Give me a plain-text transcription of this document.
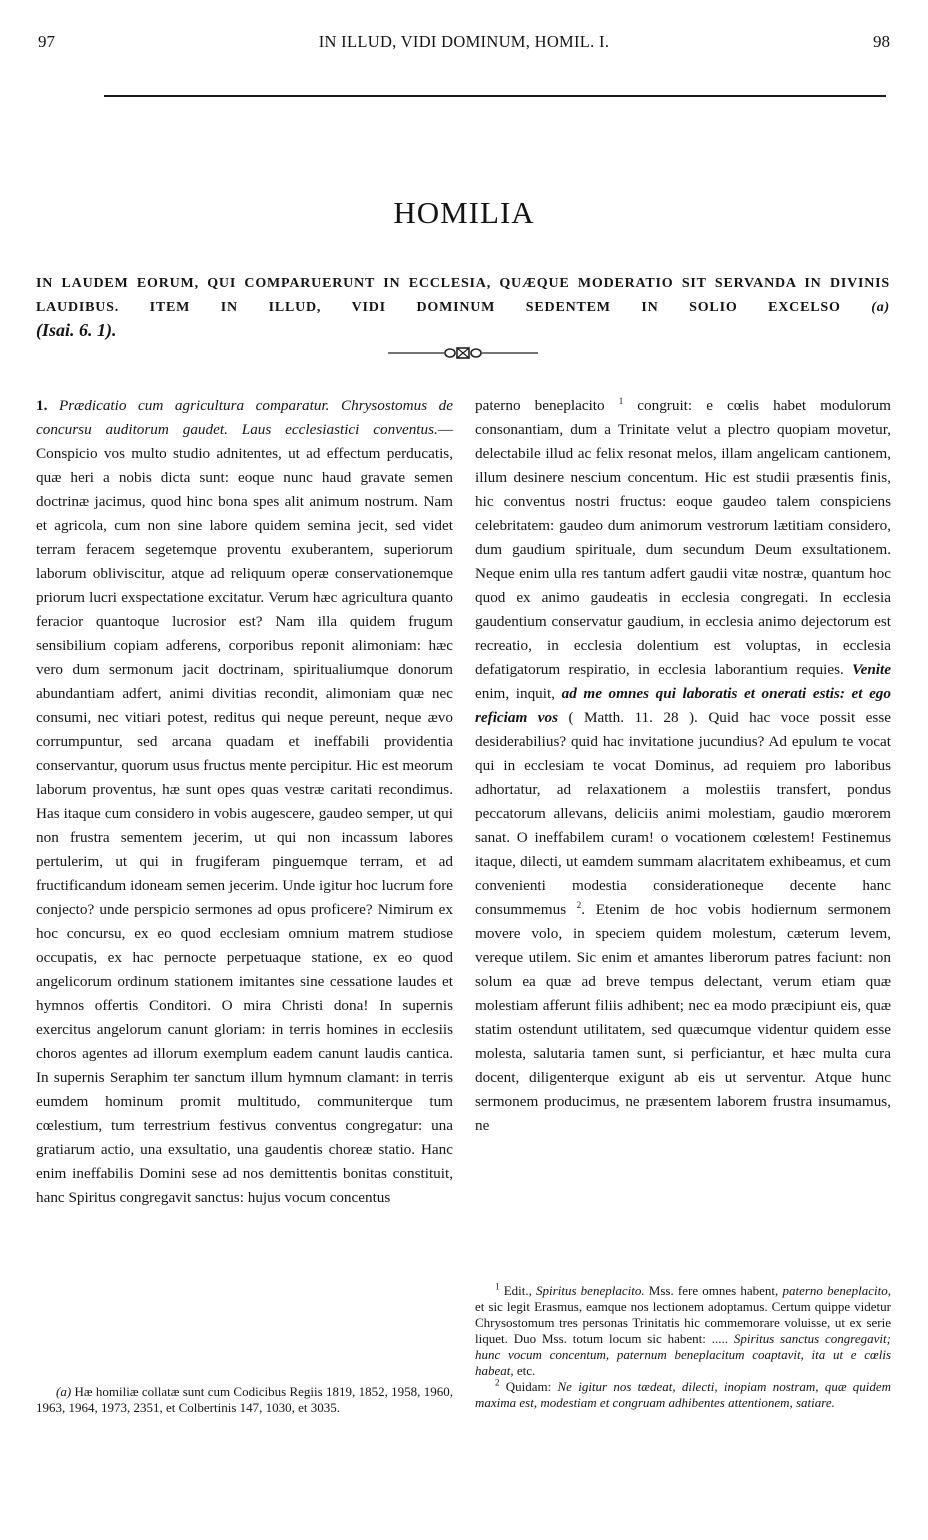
97	IN ILLUD, VIDI DOMINUM, HOMIL. I.	98
HOMILIA
IN LAUDEM EORUM, QUI COMPARUERUNT IN ECCLESIA, QUÆQUE MODERATIO SIT SERVANDA IN DIVINIS LAUDIBUS. ITEM IN ILLUD, VIDI DOMINUM SEDENTEM IN SOLIO EXCELSO (a)
(Isai. 6. 1).

1. Prædicatio cum agricultura comparatur. Chrysostomus de concursu auditorum gaudet. Laus ecclesiastici conventus.—Conspicio vos multo studio adnitentes, ut ad effectum perducatis, quæ heri a nobis dicta sunt: eoque nunc haud gravate semen doctrinæ jacimus, quod hinc bona spes alit animum nostrum. Nam et agricola, cum non sine labore quidem semina jecit, sed videt terram feracem segetemque proventu exuberantem, superiorum laborum obliviscitur, atque ad reliquum operæ conservationemque priorum lucri exspectatione excitatur. Verum hæc agricultura quanto feracior quantoque lucrosior est? Nam illa quidem frugum sensibilium copiam adferens, corporibus reponit alimoniam: hæc vero dum sermonum jacit doctrinam, spiritualiumque donorum abundantiam adfert, animi divitias recondit, alimoniam quæ nec consumi, nec vitiari potest, reditus qui neque pereunt, neque ævo corrumpuntur, sed arcana quadam et ineffabili providentia conservantur, quorum usus fructus mente percipitur. Hic est meorum laborum proventus, hæ sunt opes quas vestræ caritati recondimus. Has itaque cum considero in vobis augescere, gaudeo semper, ut qui non frustra sementem jecerim, ut qui non incassum labores pertulerim, ut qui in frugiferam pinguemque terram, et ad fructificandum idoneam semen jecerim. Unde igitur hoc lucrum fore conjecto? unde perspicio sermones ad opus proficere? Nimirum ex hoc concursu, ex eo quod ecclesiam omnium matrem studiose occupatis, ex hac pernocte perpetuaque statione, ex eo quod angelicorum ordinum stationem imitantes sine cessatione laudes et hymnos offertis Conditori. O mira Christi dona! In supernis exercitus angelorum canunt gloriam: in terris homines in ecclesiis choros agentes ad illorum exemplum eadem canunt laudis cantica. In supernis Seraphim ter sanctum illum hymnum clamant: in terris eumdem hominum promit multitudo, communiterque tum cœlestium, tum terrestrium festivus conventus congregatur: una gratiarum actio, una exsultatio, una gaudentis choreæ statio. Hanc enim ineffabilis Domini sese ad nos demittentis bonitas constituit, hanc Spiritus congregavit sanctus: hujus vocum concentus

paterno beneplacito $^1$ congruit: e cœlis habet modulorum consonantiam, dum a Trinitate velut a plectro quopiam movetur, delectabile illud ac felix resonat melos, illam angelicam cantionem, illum desinere nescium concentum. Hic est studii præsentis finis, hic conventus nostri fructus: eoque gaudeo talem conspiciens celebritatem: gaudeo dum animorum vestrorum lætitiam considero, dum gaudium spirituale, dum secundum Deum exsultationem. Neque enim ulla res tantum adfert gaudii vitæ nostræ, quantum hoc quod ex animo gaudeatis in ecclesia congregati. In ecclesia gaudentium conservatur gaudium, in ecclesia animo dejectorum est recreatio, in ecclesia dolentium est voluptas, in ecclesia defatigatorum respiratio, in ecclesia laborantium requies. Venite enim, inquit, ad me omnes qui laboratis et onerati estis: et ego reficiam vos ( Matth. 11. 28 ). Quid hac voce possit esse desiderabilius? quid hac invitatione jucundius? Ad epulum te vocat qui in ecclesiam te vocat Dominus, ad requiem pro laboribus adhortatur, ad relaxationem a molestiis transfert, pondus peccatorum allevans, deliciis animi molestiam, gaudio mœrorem sanat. O ineffabilem curam! o vocationem cœlestem! Festinemus itaque, dilecti, ut eamdem summam alacritatem exhibeamus, et cum convenienti modestia considerationeque decente hanc consummemus $^2$. Etenim de hoc vobis hodiernum sermonem movere volo, in speciem quidem molestum, cæterum levem, vereque utilem. Sic enim et amantes liberorum patres faciunt: non solum ea quæ ad breve tempus delectant, verum etiam quæ molestiam afferunt filiis adhibent; nec ea modo præcipiunt eis, quæ statim ostendunt utilitatem, sed quæcumque videntur quidem esse molesta, salutaria tamen sunt, si perficiantur, et hæc multa cura docent, diligenterque exigunt ab eis ut serventur. Atque hunc sermonem producimus, ne præsentem laborem frustra insumamus, ne

(a) Hæ homiliæ collatæ sunt cum Codicibus Regiis 1819, 1852, 1958, 1960, 1963, 1964, 1973, 2351, et Colbertinis 147, 1030, et 3035.

$^1$ Edit., Spiritus beneplacito. Mss. fere omnes habent, paterno beneplacito, et sic legit Erasmus, eamque nos lectionem adoptamus. Certum quippe videtur Chrysostomum tres personas Trinitatis hic commemorare voluisse, ut ex serie liquet. Duo Mss. totum locum sic habent: ..... Spiritus sanctus congregavit; hunc vocum concentum, paternum beneplacitum coaptavit, ita ut e cœlis habeat, etc.

$^2$ Quidam: Ne igitur nos tædeat, dilecti, inopiam nostram, quæ quidem maxima est, modestiam et congruam adhibentes attentionem, satiare.
